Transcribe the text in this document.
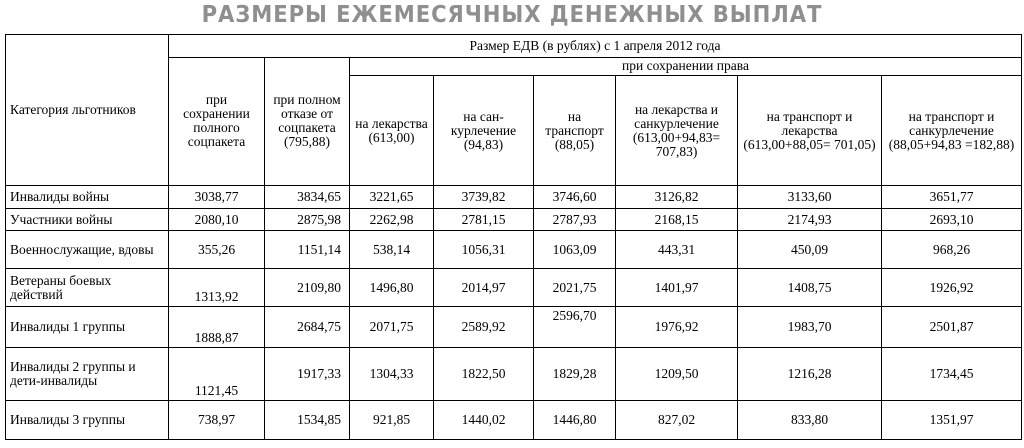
РАЗМЕРЫ ЕЖЕМЕСЯЧНЫХ ДЕНЕЖНЫХ ВЫПЛАТ
Категория льготников	Размер ЕДВ (в рублях) с 1 апреля 2012 года							
	при сохранении полного соцпакета	при полном отказе от соцпакета (795,88)	при сохранении права					
			на лекарства (613,00)	на сан-курлечение (94,83)	на транспорт (88,05)	на лекарства и санкурлечение (613,00+94,83= 707,83)	на транспорт и лекарства (613,00+88,05= 701,05)	на транспорт и санкурлечение (88,05+94,83 =182,88)
Инвалиды войны	3038,77	3834,65	3221,65	3739,82	3746,60	3126,82	3133,60	3651,77
Участники войны	2080,10	2875,98	2262,98	2781,15	2787,93	2168,15	2174,93	2693,10
Военнослужащие, вдовы	355,26	1151,14	538,14	1056,31	1063,09	443,31	450,09	968,26
Ветераны боевых действий	1313,92	2109,80	1496,80	2014,97	2021,75	1401,97	1408,75	1926,92
Инвалиды 1 группы	1888,87	2684,75	2071,75	2589,92	2596,70	1976,92	1983,70	2501,87
Инвалиды 2 группы и дети-инвалиды	1121,45	1917,33	1304,33	1822,50	1829,28	1209,50	1216,28	1734,45
Инвалиды 3 группы	738,97	1534,85	921,85	1440,02	1446,80	827,02	833,80	1351,97
